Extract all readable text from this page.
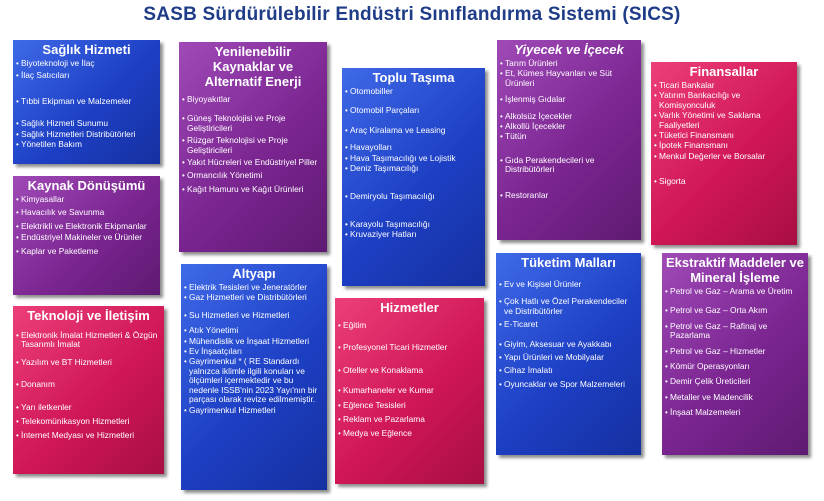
SASB Sürdürülebilir Endüstri Sınıflandırma Sistemi (SICS)
Sağlık Hizmeti
• Biyoteknoloji ve İlaç
• İlaç Satıcıları
• Tıbbi Ekipman ve Malzemeler
• Sağlık Hizmeti Sunumu
• Sağlık Hizmetleri Distribütörleri
• Yönetilen Bakım
Kaynak Dönüşümü
• Kimyasallar
• Havacılık ve Savunma
• Elektrikli ve Elektronik Ekipmanlar
• Endüstriyel Makineler ve Ürünler
• Kaplar ve Paketleme
Teknoloji ve İletişim
• Elektronik İmalat Hizmetleri & Özgün Tasarımlı İmalat
• Yazılım ve BT Hizmetleri
• Donanım
• Yarı iletkenler
• Telekomünikasyon Hizmetleri
• İnternet Medyası ve Hizmetleri
Yenilenebilir Kaynaklar ve Alternatif Enerji
• Biyoyakıtlar
• Güneş Teknolojisi ve Proje Geliştiricileri
• Rüzgar Teknolojisi ve Proje Geliştiricileri
• Yakıt Hücreleri ve Endüstriyel Piller
• Ormancılık Yönetimi
• Kağıt Hamuru ve Kağıt Ürünleri
Altyapı
• Elektrik Tesisleri ve Jeneratörler
• Gaz Hizmetleri ve Distribütörleri
• Su Hizmetleri ve Hizmetleri
• Atık Yönetimi
• Mühendislik ve İnşaat Hizmetleri
• Ev İnşaatçıları
• Gayrimenkul * ( RE Standardı yalnızca iklimle ilgili konuları ve ölçümleri içermektedir ve bu nedenle ISSB'nin 2023 Yayı'nın bir parçası olarak revize edilmemiştir.
• Gayrimenkul Hizmetleri
Toplu Taşıma
• Otomobiller
• Otomobil Parçaları
• Araç Kiralama ve Leasing
• Havayolları
• Hava Taşımacılığı ve Lojistik
• Deniz Taşımacılığı
• Demiryolu Taşımacılığı
• Karayolu Taşımacılığı
• Kruvaziyer Hatları
Hizmetler
• Eğitim
• Profesyonel Ticari Hizmetler
• Oteller ve Konaklama
• Kumarhaneler ve Kumar
• Eğlence Tesisleri
• Reklam ve Pazarlama
• Medya ve Eğlence
Yiyecek ve İçecek
• Tarım Ürünleri
• Et, Kümes Hayvanları ve Süt Ürünleri
• İşlenmiş Gıdalar
• Alkolsüz İçecekler
• Alkollü İçecekler
• Tütün
• Gıda Perakendecileri ve Distribütörleri
• Restoranlar
Tüketim Malları
• Ev ve Kişisel Ürünler
• Çok Hatlı ve Özel Perakendeciler ve Distribütörler
• E-Ticaret
• Giyim, Aksesuar ve Ayakkabı
• Yapı Ürünleri ve Mobilyalar
• Cihaz İmalatı
• Oyuncaklar ve Spor Malzemeleri
Finansallar
• Ticari Bankalar
• Yatırım Bankacılığı ve Komisyonculuk
• Varlık Yönetimi ve Saklama Faaliyetleri
• Tüketici Finansmanı
• İpotek Finansmanı
• Menkul Değerler ve Borsalar
• Sigorta
Ekstraktif Maddeler ve Mineral İşleme
• Petrol ve Gaz – Arama ve Üretim
• Petrol ve Gaz – Orta Akım
• Petrol ve Gaz – Rafinaj ve Pazarlama
• Petrol ve Gaz – Hizmetler
• Kömür Operasyonları
• Demir Çelik Üreticileri
• Metaller ve Madencilik
• İnşaat Malzemeleri
